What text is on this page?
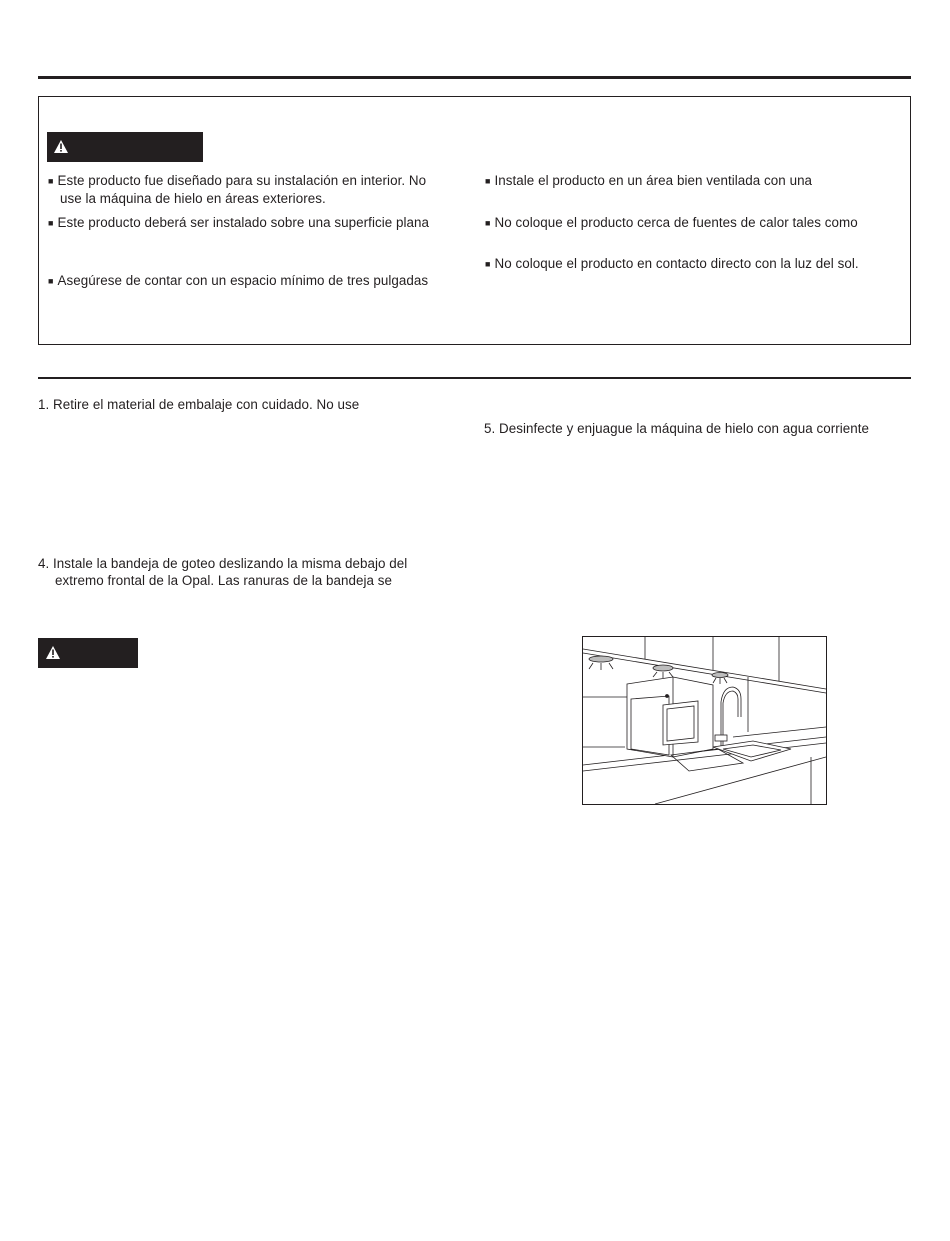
■ Este producto fue diseñado para su instalación en interior. No
use la máquina de hielo en áreas exteriores.
■ Este producto deberá ser instalado sobre una superficie plana
■ Asegúrese de contar con un espacio mínimo de tres pulgadas
■ Instale el producto en un área bien ventilada con una
■ No coloque el producto cerca de fuentes de calor tales como
■ No coloque el producto en contacto directo con la luz del sol.
1. Retire el material de embalaje con cuidado. No use
5. Desinfecte y enjuague la máquina de hielo con agua corriente
4. Instale la bandeja de goteo deslizando la misma debajo del
extremo frontal de la Opal. Las ranuras de la bandeja se
